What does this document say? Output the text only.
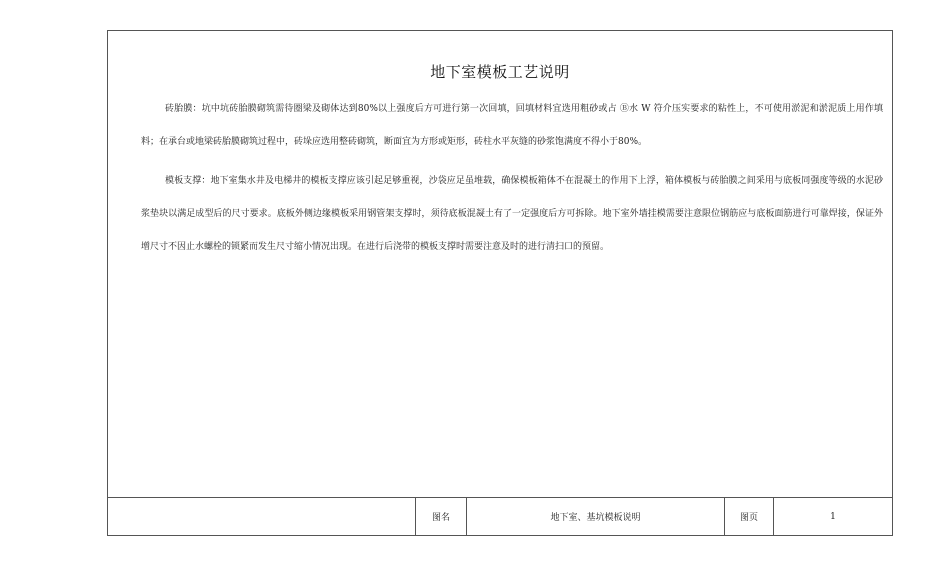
地下室模板工艺说明

砖胎膜：坑中坑砖胎膜砌筑需待圈梁及砌体达到80%以上强度后方可进行第一次回填，回填材料宜选用粗砂或占 Ⓑ水 W 符介压实要求的粘性上，不可使用淤泥和淤泥质上用作填料；在承台或地梁砖胎膜砌筑过程中，砖垛应选用整砖砌筑，断面宜为方形或矩形，砖柱水平灰缝的砂浆饱满度不得小于80%。

模板支撑：地下室集水井及电梯井的模板支撑应该引起足够重视，沙袋应足虽堆载，确保模板箱体不在混凝土的作用下上浮，箱体模板与砖胎膜之间采用与底板同强度等级的水泥砂浆垫块以满足成型后的尺寸要求。底板外侧边缘模板采用钢管架支撑时，须待底板混凝土有了一定强度后方可拆除。地下室外墙挂模需要注意限位钢筋应与底板面筋进行可靠焊接，保证外增尺寸不因止水螺栓的锁紧而发生尺寸缩小情况出现。在进行后浇带的模板支撑时需要注意及时的进行清扫口的预留。

图名	地下室、基坑模板说明	图页	1
